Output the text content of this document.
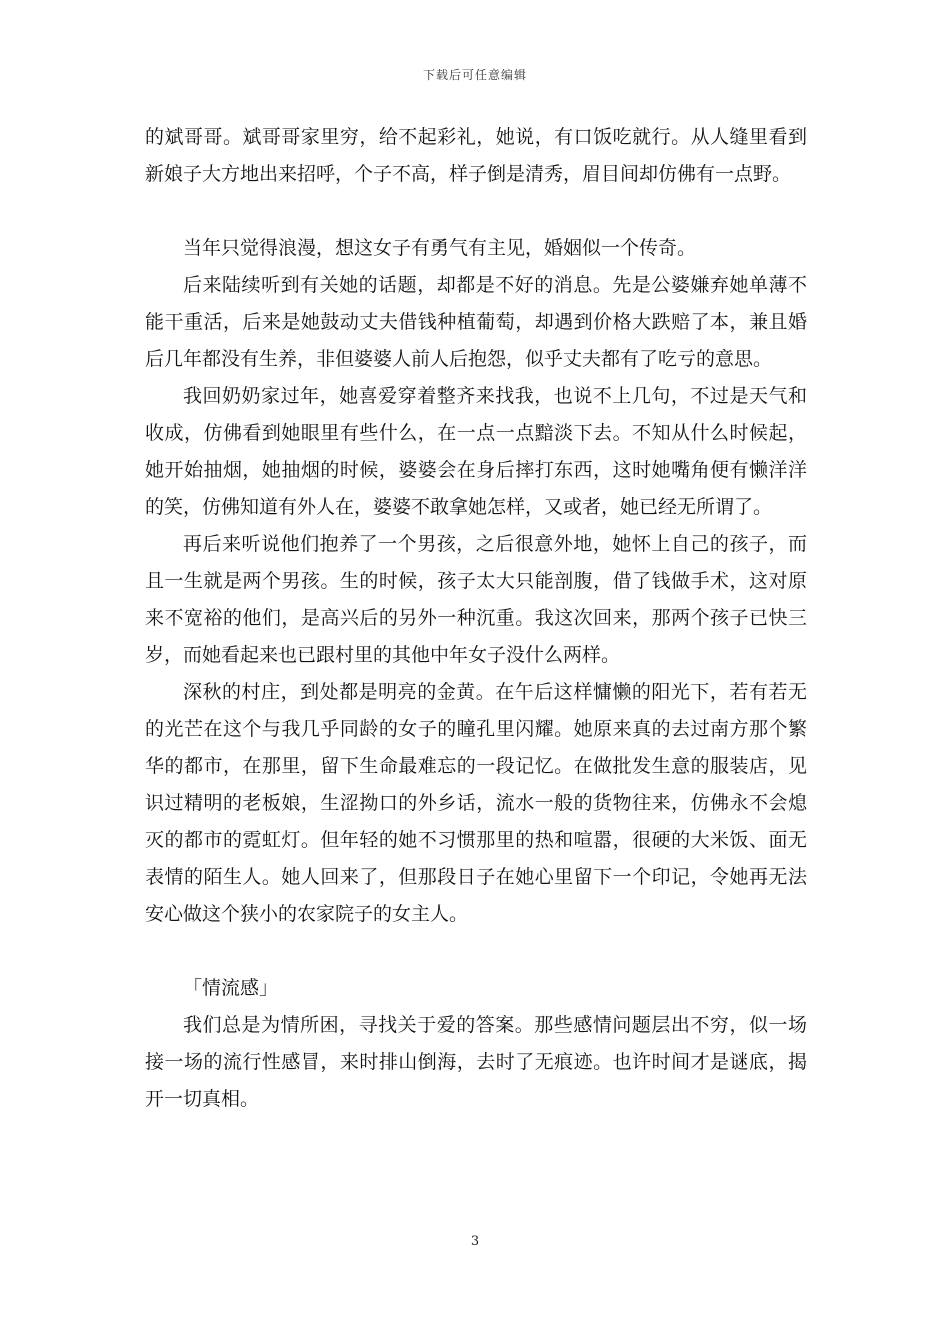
下载后可任意编辑

的斌哥哥。斌哥哥家里穷，给不起彩礼，她说，有口饭吃就行。从人缝里看到新娘子大方地出来招呼，个子不高，样子倒是清秀，眉目间却仿佛有一点野。

当年只觉得浪漫，想这女子有勇气有主见，婚姻似一个传奇。

后来陆续听到有关她的话题，却都是不好的消息。先是公婆嫌弃她单薄不能干重活，后来是她鼓动丈夫借钱种植葡萄，却遇到价格大跌赔了本，兼且婚后几年都没有生养，非但婆婆人前人后抱怨，似乎丈夫都有了吃亏的意思。

我回奶奶家过年，她喜爱穿着整齐来找我，也说不上几句，不过是天气和收成，仿佛看到她眼里有些什么，在一点一点黯淡下去。不知从什么时候起，她开始抽烟，她抽烟的时候，婆婆会在身后摔打东西，这时她嘴角便有懒洋洋的笑，仿佛知道有外人在，婆婆不敢拿她怎样，又或者，她已经无所谓了。

再后来听说他们抱养了一个男孩，之后很意外地，她怀上自己的孩子，而且一生就是两个男孩。生的时候，孩子太大只能剖腹，借了钱做手术，这对原来不宽裕的他们，是高兴后的另外一种沉重。我这次回来，那两个孩子已快三岁，而她看起来也已跟村里的其他中年女子没什么两样。

深秋的村庄，到处都是明亮的金黄。在午后这样慵懒的阳光下，若有若无的光芒在这个与我几乎同龄的女子的瞳孔里闪耀。她原来真的去过南方那个繁华的都市，在那里，留下生命最难忘的一段记忆。在做批发生意的服装店，见识过精明的老板娘，生涩拗口的外乡话，流水一般的货物往来，仿佛永不会熄灭的都市的霓虹灯。但年轻的她不习惯那里的热和喧嚣，很硬的大米饭、面无表情的陌生人。她人回来了，但那段日子在她心里留下一个印记，令她再无法安心做这个狭小的农家院子的女主人。

「情流感」

我们总是为情所困，寻找关于爱的答案。那些感情问题层出不穷，似一场接一场的流行性感冒，来时排山倒海，去时了无痕迹。也许时间才是谜底，揭开一切真相。

3
